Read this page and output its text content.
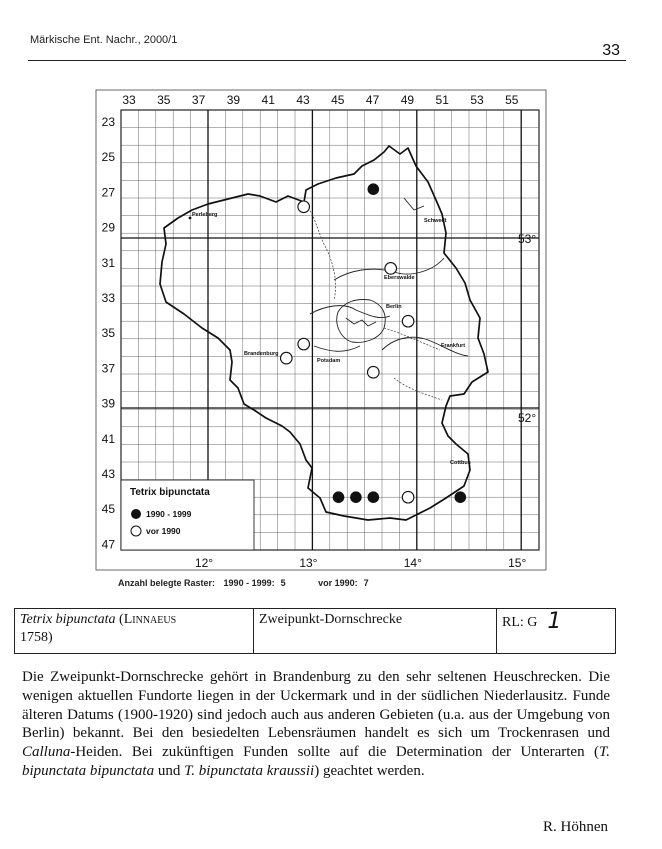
Märkische Ent. Nachr., 2000/1
33
Perleberg
Schwedt
Eberswalde
Berlin
Frankfurt
Brandenburg
Potsdam
Cottbus
33 35 37 39 41 43 45 47 49 51 53 55
23
25
27
29
31
33
35
37
39
41
43
45
47
12°	13°	14°	15°
53°
52°
Tetrix bipunctata
1990 - 1999
vor 1990
Anzahl belegte Raster: 1990 - 1999: 5	vor 1990: 7
Tetrix bipunctata (Linnaeus
1758)	Zweipunkt-Dornschrecke	RL: G 1
Die Zweipunkt-Dornschrecke gehört in Brandenburg zu den sehr seltenen Heuschrecken. Die wenigen aktuellen Fundorte liegen in der Uckermark und in der südlichen Niederlausitz. Funde älteren Datums (1900-1920) sind jedoch auch aus anderen Gebieten (u.a. aus der Umgebung von Berlin) bekannt. Bei den besiedelten Lebensräumen handelt es sich um Trockenrasen und Calluna-Heiden. Bei zukünftigen Funden sollte auf die Determination der Unterarten (T. bipunctata bipunctata und T. bipunctata kraussii) geachtet werden.
R. Höhnen
